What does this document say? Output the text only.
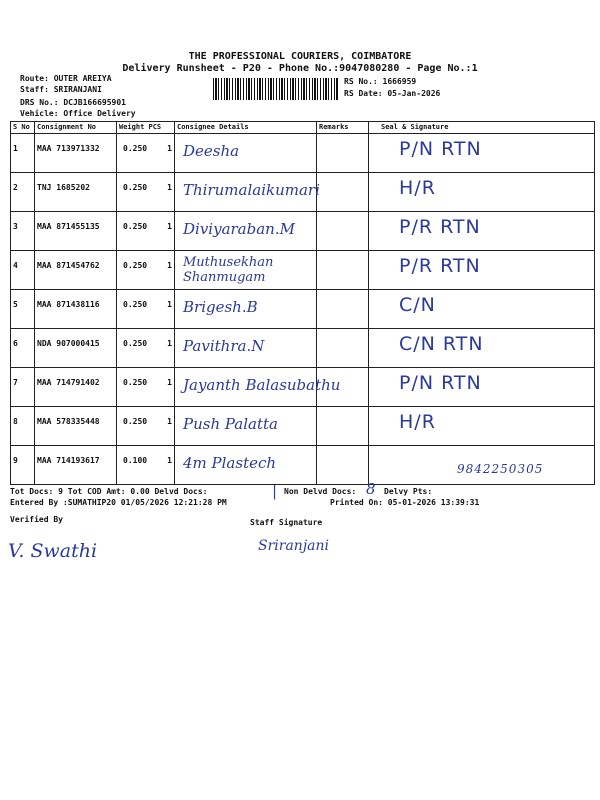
THE PROFESSIONAL COURIERS, COIMBATORE
Delivery Runsheet - P20 - Phone No.:9047080280 - Page No.:1
Route: OUTER AREIYA
Staff: SRIRANJANI
DRS No.: DCJB166695901
Vehicle: Office Delivery
RS No.: 1666959
RS Date: 05-Jan-2026
S No	Consignment No	Weight PCS	Consignee Details	Remarks	Seal & Signature
1	MAA 713971332	0.250 1	Deesha		P/N RTN

2	TNJ 1685202	0.250 1	Thirumalaikumari		H/R

3	MAA 871455135	0.250 1	Diviyaraban.M		P/R RTN

4	MAA 871454762	0.250 1	Muthusekhan Shanmugam		P/R RTN

5	MAA 871438116	0.250 1	Brigesh.B		C/N

6	NDA 907000415	0.250 1	Pavithra.N		C/N RTN

7	MAA 714791402	0.250 1	Jayanth Balasubathu		P/N RTN

8	MAA 578335448	0.250 1	Push Palatta		H/R

9	MAA 714193617	0.100 1	4m Plastech		9842250305
Tot Docs: 9 Tot COD Amt: 0.00 Delvd Docs:	| Non Delvd Docs: 8 Delvy Pts:
Entered By :SUMATHIP20 01/05/2026 12:21:28 PM	Printed On: 05-01-2026 13:39:31
Verified By	Staff Signature
V. Swathi	Sriranjani
